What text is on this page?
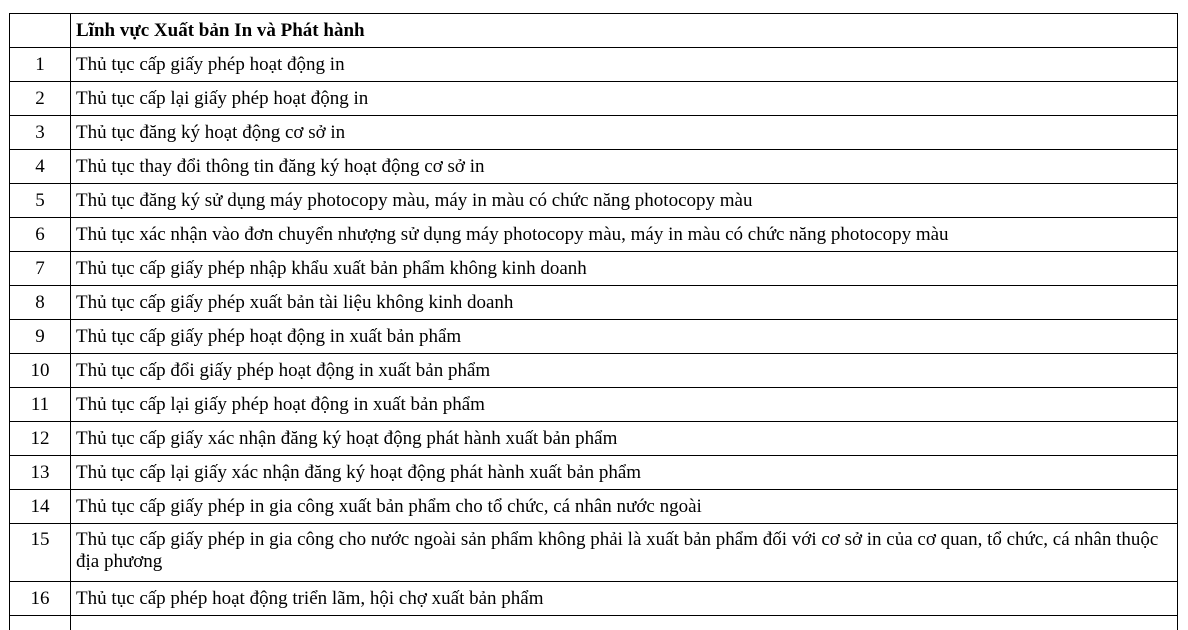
	Lĩnh vực Xuất bản In và Phát hành
1	Thủ tục cấp giấy phép hoạt động in
2	Thủ tục cấp lại giấy phép hoạt động in
3	Thủ tục đăng ký hoạt động cơ sở in
4	Thủ tục thay đổi thông tin đăng ký hoạt động cơ sở in
5	Thủ tục đăng ký sử dụng máy photocopy màu, máy in màu có chức năng photocopy màu
6	Thủ tục xác nhận vào đơn chuyển nhượng sử dụng máy photocopy màu, máy in màu có chức năng photocopy màu
7	Thủ tục cấp giấy phép nhập khẩu xuất bản phẩm không kinh doanh
8	Thủ tục cấp giấy phép xuất bản tài liệu không kinh doanh
9	Thủ tục cấp giấy phép hoạt động in xuất bản phẩm
10	Thủ tục cấp đổi giấy phép hoạt động in xuất bản phẩm
11	Thủ tục cấp lại giấy phép hoạt động in xuất bản phẩm
12	Thủ tục cấp giấy xác nhận đăng ký hoạt động phát hành xuất bản phẩm
13	Thủ tục cấp lại giấy xác nhận đăng ký hoạt động phát hành xuất bản phẩm
14	Thủ tục cấp giấy phép in gia công xuất bản phẩm cho tổ chức, cá nhân nước ngoài
15	Thủ tục cấp giấy phép in gia công cho nước ngoài sản phẩm không phải là xuất bản phẩm đối với cơ sở in của cơ quan, tổ chức, cá nhân thuộc địa phương
16	Thủ tục cấp phép hoạt động triển lãm, hội chợ xuất bản phẩm
